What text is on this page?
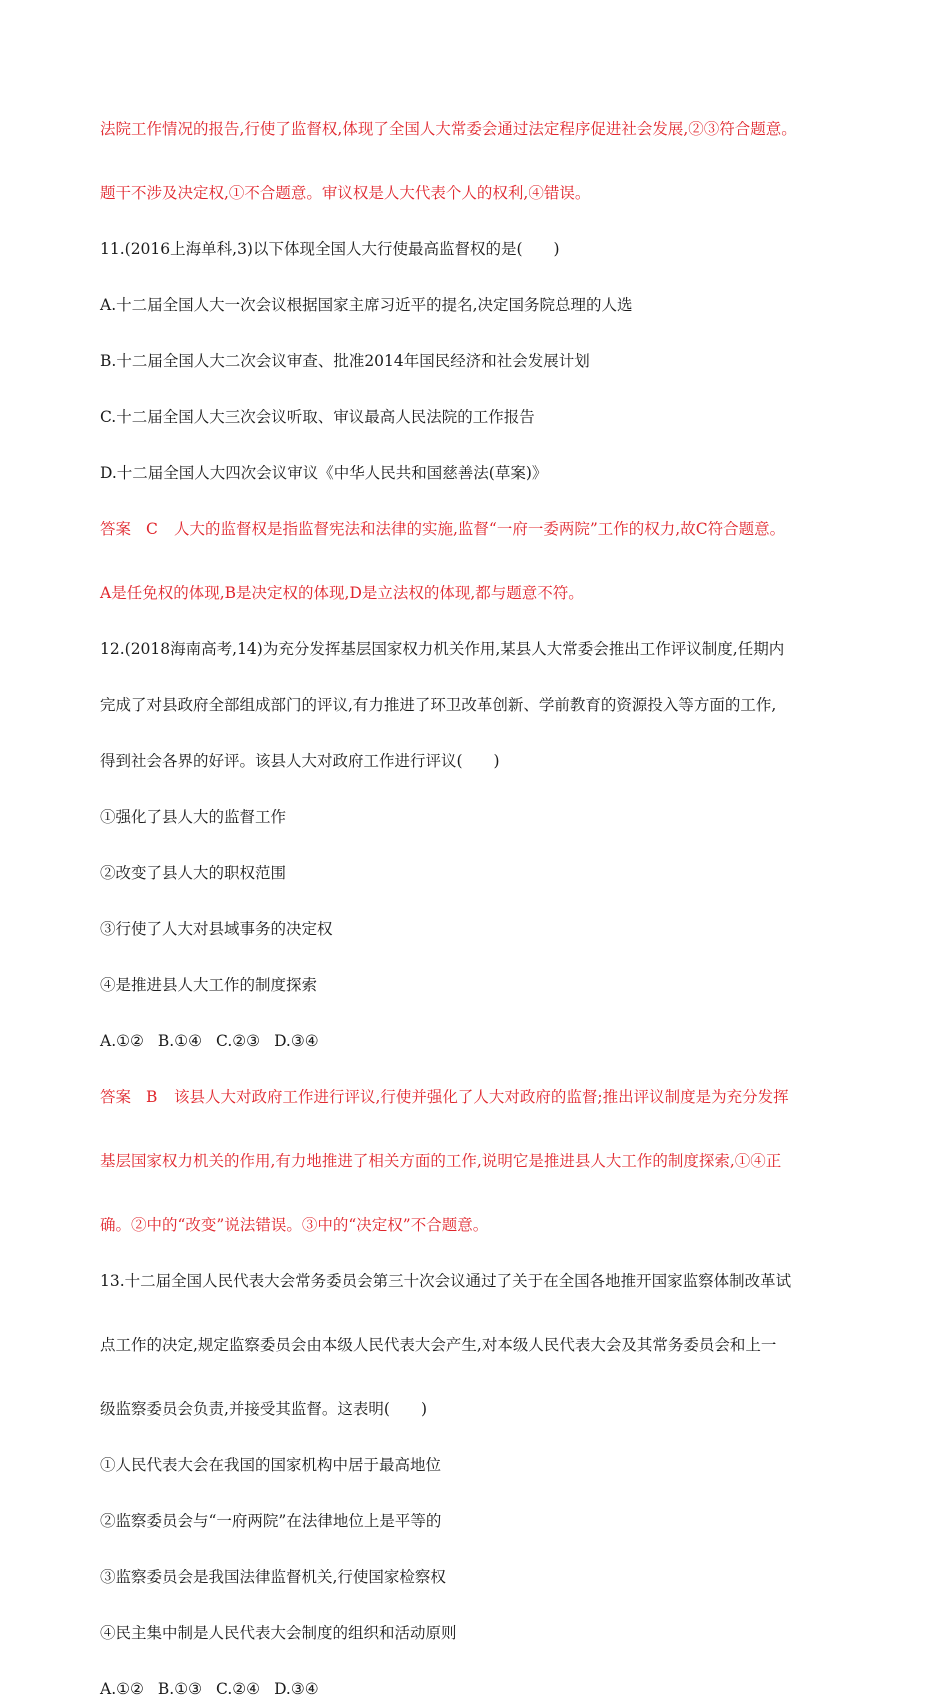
法院工作情况的报告,行使了监督权,体现了全国人大常委会通过法定程序促进社会发展,②③符合题意。

题干不涉及决定权,①不合题意。审议权是人大代表个人的权利,④错误。

11.(2016上海单科,3)以下体现全国人大行使最高监督权的是(　　)

A.十二届全国人大一次会议根据国家主席习近平的提名,决定国务院总理的人选

B.十二届全国人大二次会议审查、批准2014年国民经济和社会发展计划

C.十二届全国人大三次会议听取、审议最高人民法院的工作报告

D.十二届全国人大四次会议审议《中华人民共和国慈善法(草案)》

答案 C 人大的监督权是指监督宪法和法律的实施,监督“一府一委两院”工作的权力,故C符合题意。

A是任免权的体现,B是决定权的体现,D是立法权的体现,都与题意不符。

12.(2018海南高考,14)为充分发挥基层国家权力机关作用,某县人大常委会推出工作评议制度,任期内

完成了对县政府全部组成部门的评议,有力推进了环卫改革创新、学前教育的资源投入等方面的工作,

得到社会各界的好评。该县人大对政府工作进行评议(　　)

①强化了县人大的监督工作

②改变了县人大的职权范围

③行使了人大对县域事务的决定权

④是推进县人大工作的制度探索

A.①② B.①④ C.②③ D.③④

答案 B 该县人大对政府工作进行评议,行使并强化了人大对政府的监督;推出评议制度是为充分发挥

基层国家权力机关的作用,有力地推进了相关方面的工作,说明它是推进县人大工作的制度探索,①④正

确。②中的“改变”说法错误。③中的“决定权”不合题意。

13.十二届全国人民代表大会常务委员会第三十次会议通过了关于在全国各地推开国家监察体制改革试

点工作的决定,规定监察委员会由本级人民代表大会产生,对本级人民代表大会及其常务委员会和上一

级监察委员会负责,并接受其监督。这表明(　　)

①人民代表大会在我国的国家机构中居于最高地位

②监察委员会与“一府两院”在法律地位上是平等的

③监察委员会是我国法律监督机关,行使国家检察权

④民主集中制是人民代表大会制度的组织和活动原则

A.①② B.①③ C.②④ D.③④
